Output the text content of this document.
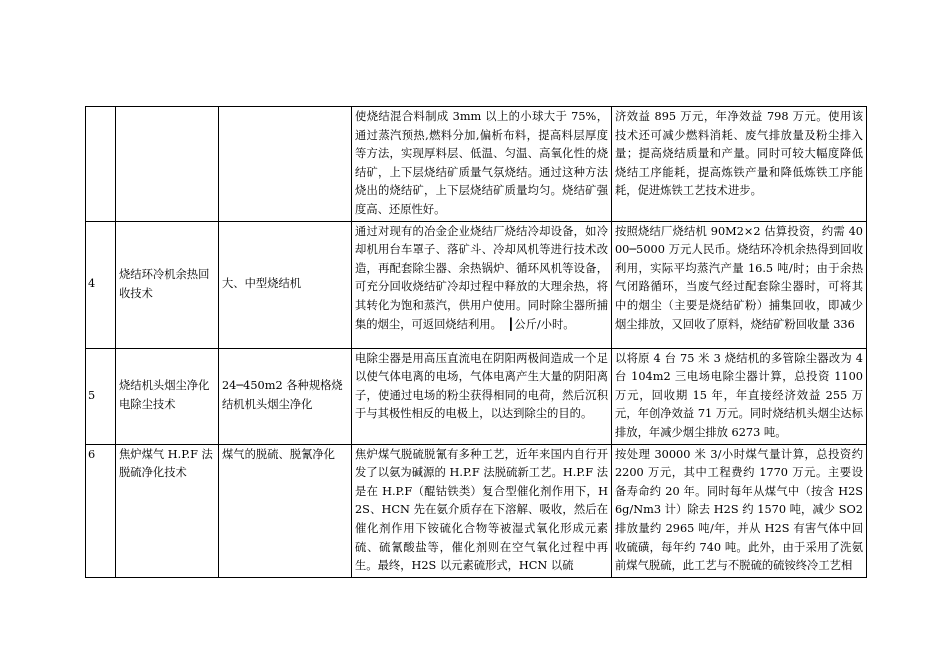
			使烧结混合料制成 3mm 以上的小球大于 75%，通过蒸汽预热,燃料分加,偏析布料，提高料层厚度等方法，实现厚料层、低温、匀温、高氧化性的烧结矿，上下层烧结矿质量气氛烧结。通过这种方法烧出的烧结矿，上下层烧结矿质量均匀。烧结矿强度高、还原性好。	济效益 895 万元，年净效益 798 万元。使用该技术还可减少燃料消耗、废气排放量及粉尘排入量；提高烧结质量和产量。同时可较大幅度降低烧结工序能耗，提高炼铁产量和降低炼铁工序能耗，促进炼铁工艺技术进步。
4	烧结环冷机余热回收技术	大、中型烧结机	通过对现有的冶金企业烧结厂烧结冷却设备，如冷却机用台车罩子、落矿斗、冷却风机等进行技术改造，再配套除尘器、余热锅炉、循环风机等设备，可充分回收烧结矿冷却过程中释放的大理余热，将其转化为饱和蒸汽，供用户使用。同时除尘器所捕集的烟尘，可返回烧结利用。　┃公斤/小时。	按照烧结厂烧结机 90M2×2 估算投资，约需 4000─5000 万元人民币。烧结环冷机余热得到回收利用，实际平均蒸汽产量 16.5 吨/时；由于余热气闭路循环，当废气经过配套除尘器时，可将其中的烟尘（主要是烧结矿粉）捕集回收，即减少烟尘排放，又回收了原料，烧结矿粉回收量 336
5	烧结机头烟尘净化电除尘技术	24─450m2 各种规格烧结机机头烟尘净化	电除尘器是用高压直流电在阴阳两极间造成一个足以使气体电离的电场，气体电离产生大量的阴阳离子，使通过电场的粉尘获得相同的电荷，然后沉积于与其极性相反的电极上，以达到除尘的目的。	以将原 4 台 75 米 3 烧结机的多管除尘器改为 4 台 104m2 三电场电除尘器计算，总投资 1100 万元，回收期 15 年，年直接经济效益 255 万元，年创净效益 71 万元。同时烧结机头烟尘达标排放，年减少烟尘排放 6273 吨。
6	焦炉煤气 H.P.F 法脱硫净化技术	煤气的脱硫、脱氰净化	焦炉煤气脱硫脱氰有多种工艺，近年来国内自行开发了以氨为碱源的 H.P.F 法脱硫新工艺。H.P.F 法是在 H.P.F（醌钴铁类）复合型催化剂作用下，H2S、HCN 先在氨介质存在下溶解、吸收，然后在催化剂作用下铵硫化合物等被湿式氧化形成元素硫、硫氰酸盐等，催化剂则在空气氧化过程中再生。最终，H2S 以元素硫形式，HCN 以硫	按处理 30000 米 3/小时煤气量计算，总投资约 2200 万元，其中工程费约 1770 万元。主要设备寿命约 20 年。同时每年从煤气中（按含 H2S6g/Nm3 计）除去 H2S 约 1570 吨，减少 SO2 排放量约 2965 吨/年，并从 H2S 有害气体中回收硫磺，每年约 740 吨。此外，由于采用了洗氨前煤气脱硫，此工艺与不脱硫的硫铵终冷工艺相
